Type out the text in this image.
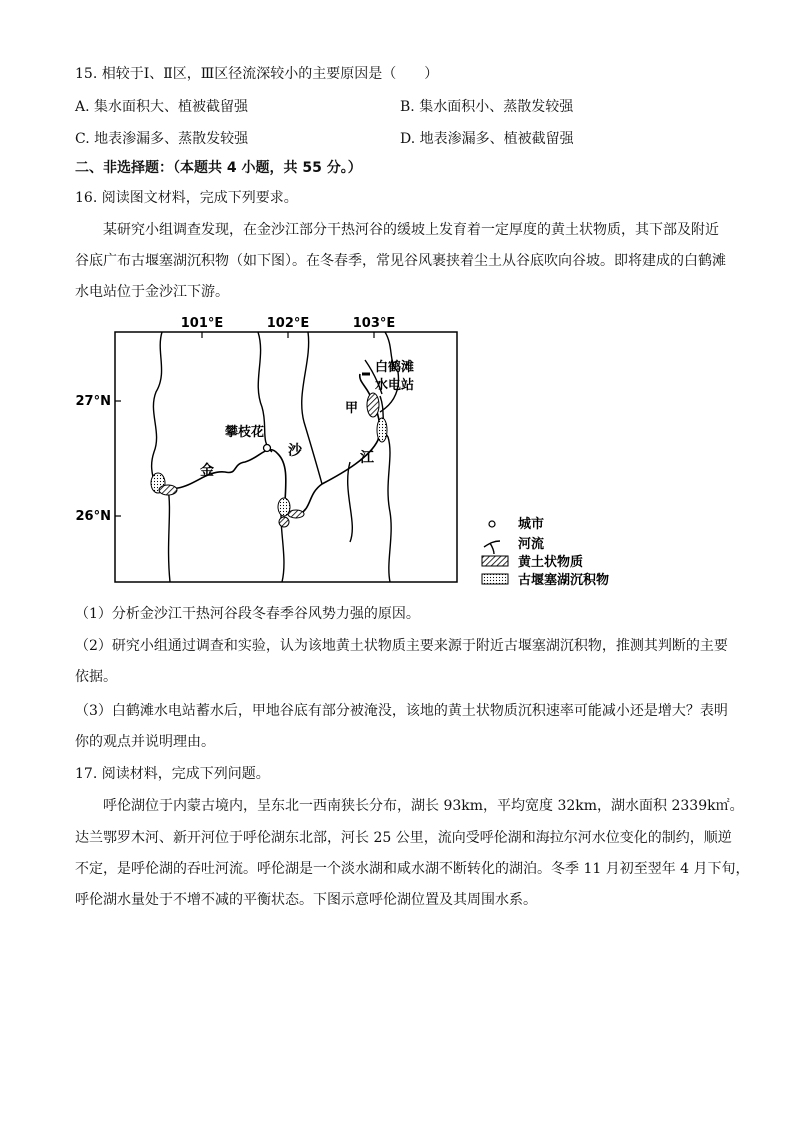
15. 相较于Ⅰ、Ⅱ区，Ⅲ区径流深较小的主要原因是（　　）
A. 集水面积大、植被截留强	B. 集水面积小、蒸散发较强
C. 地表渗漏多、蒸散发较强	D. 地表渗漏多、植被截留强
二、非选择题：（本题共 4 小题，共 55 分。）
16. 阅读图文材料，完成下列要求。
某研究小组调查发现，在金沙江部分干热河谷的缓坡上发育着一定厚度的黄土状物质，其下部及附近
谷底广布古堰塞湖沉积物（如下图）。在冬春季，常见谷风裹挟着尘土从谷底吹向谷坡。即将建成的白鹤滩
水电站位于金沙江下游。
101°E	102°E	103°E
27°N
26°N
攀枝花
白鹤滩
水电站
甲
金
沙	江
城市
河流
黄土状物质
古堰塞湖沉积物
（1）分析金沙江干热河谷段冬春季谷风势力强的原因。
（2）研究小组通过调查和实验，认为该地黄土状物质主要来源于附近古堰塞湖沉积物，推测其判断的主要
依据。
（3）白鹤滩水电站蓄水后，甲地谷底有部分被淹没，该地的黄土状物质沉积速率可能减小还是增大？表明
你的观点并说明理由。
17. 阅读材料，完成下列问题。
呼伦湖位于内蒙古境内，呈东北一西南狭长分布，湖长 93km，平均宽度 32km，湖水面积 2339k㎡。
达兰鄂罗木河、新开河位于呼伦湖东北部，河长 25 公里，流向受呼伦湖和海拉尔河水位变化的制约，顺逆
不定，是呼伦湖的吞吐河流。呼伦湖是一个淡水湖和咸水湖不断转化的湖泊。冬季 11 月初至翌年 4 月下旬，
呼伦湖水量处于不增不减的平衡状态。下图示意呼伦湖位置及其周围水系。
